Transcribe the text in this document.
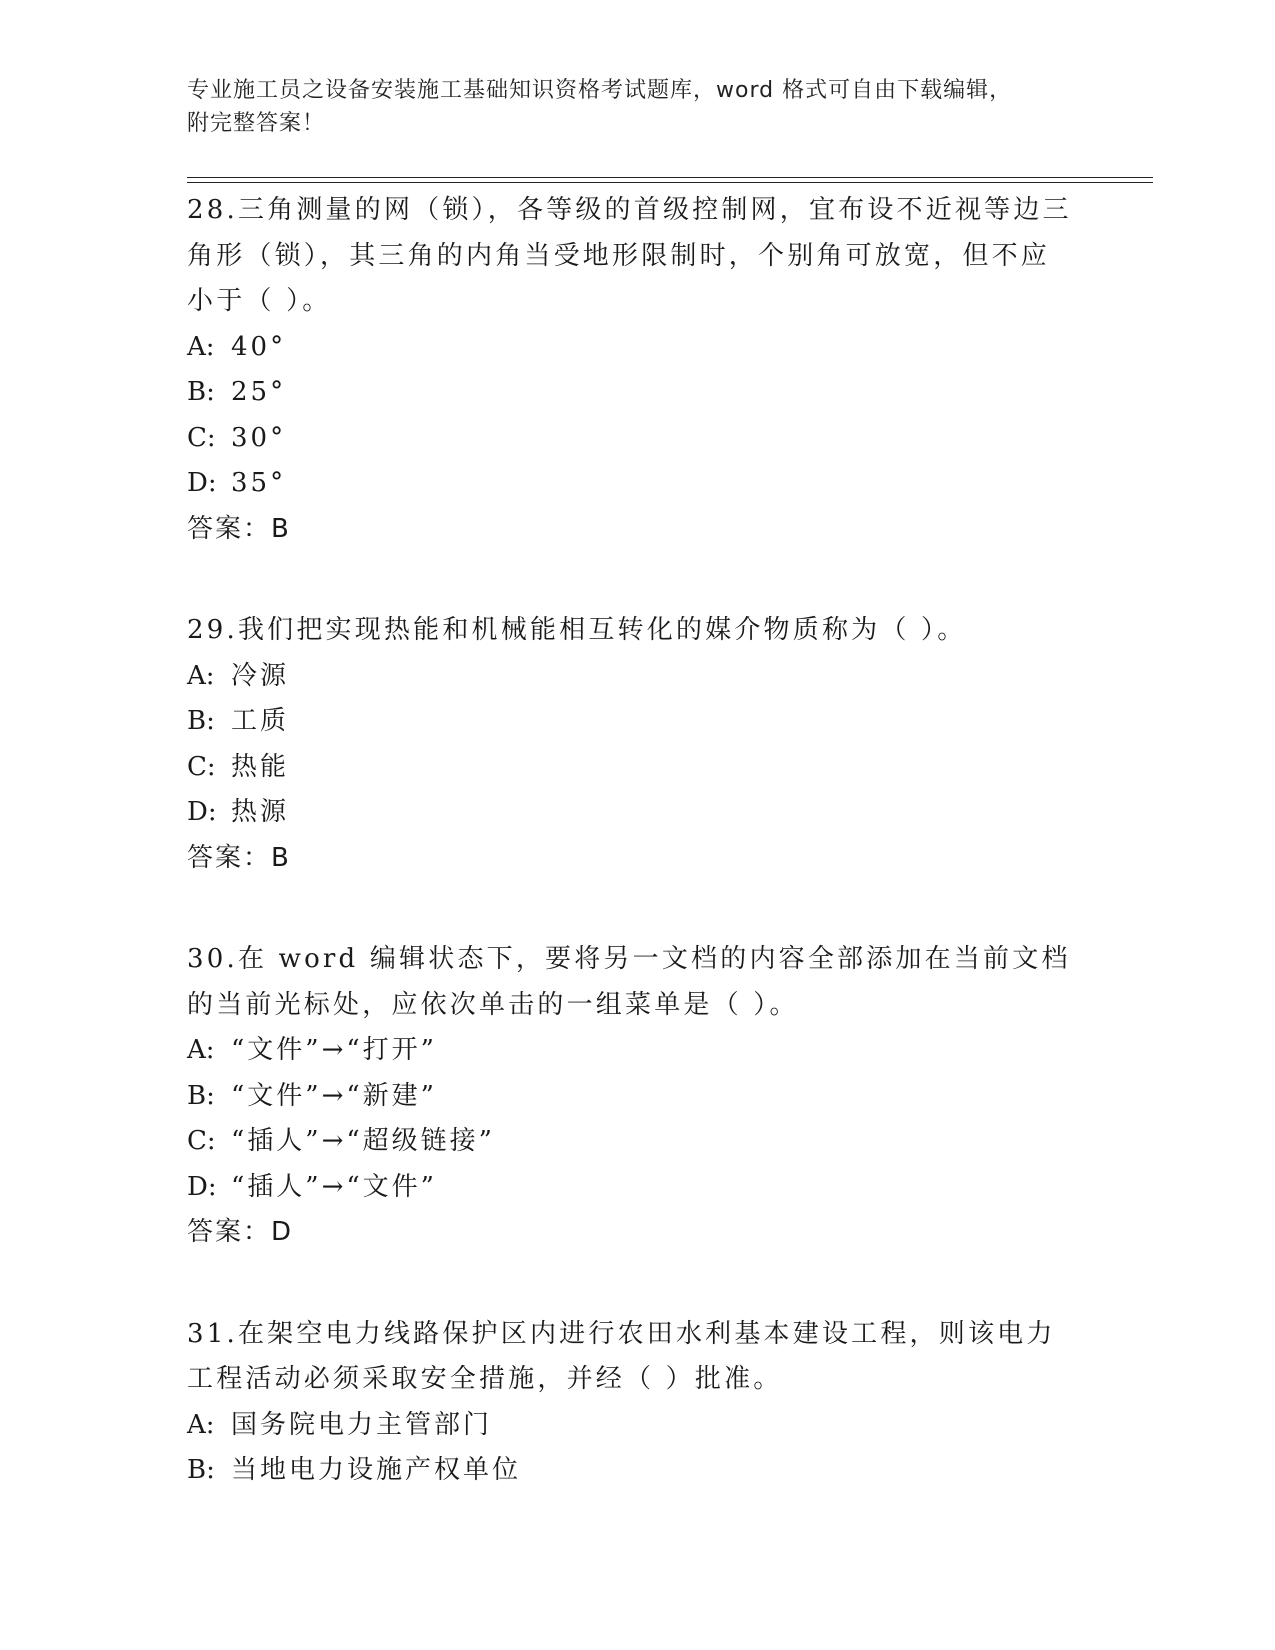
专业施工员之设备安装施工基础知识资格考试题库，word 格式可自由下载编辑，
附完整答案！

28.三角测量的网（锁），各等级的首级控制网，宜布设不近视等边三角形（锁），其三角的内角当受地形限制时，个别角可放宽，但不应小于（ ）。

A: 40°

B: 25°

C: 30°

D: 35°

答案：B

29.我们把实现热能和机械能相互转化的媒介物质称为（ ）。

A: 冷源

B: 工质

C: 热能

D: 热源

答案：B

30.在 word 编辑状态下，要将另一文档的内容全部添加在当前文档的当前光标处，应依次单击的一组菜单是（ ）。

A: “文件”→“打开”

B: “文件”→“新建”

C: “插人”→“超级链接”

D: “插人”→“文件”

答案：D

31.在架空电力线路保护区内进行农田水利基本建设工程，则该电力工程活动必须采取安全措施，并经（ ）批准。

A: 国务院电力主管部门

B: 当地电力设施产权单位
